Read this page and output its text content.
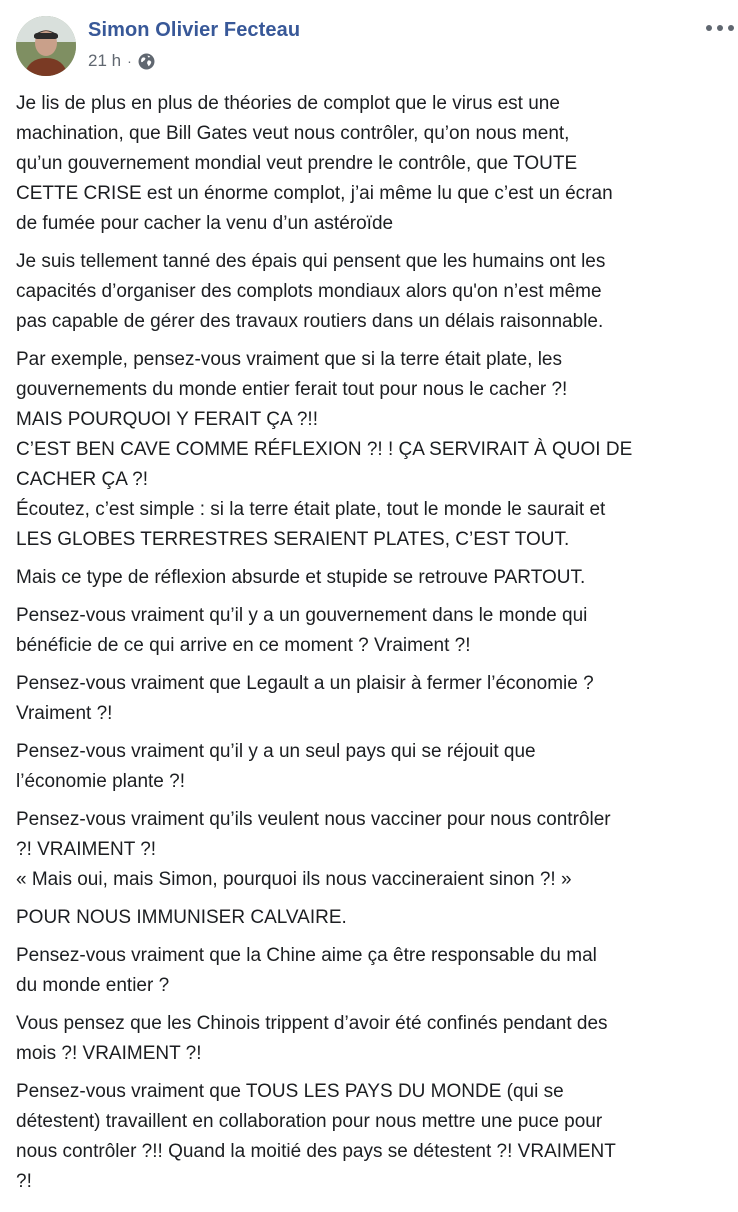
Simon Olivier Fecteau
21 h ·

Je lis de plus en plus de théories de complot que le virus est une
machination, que Bill Gates veut nous contrôler, qu’on nous ment,
qu’un gouvernement mondial veut prendre le contrôle, que TOUTE
CETTE CRISE est un énorme complot, j’ai même lu que c’est un écran
de fumée pour cacher la venu d’un astéroïde

Je suis tellement tanné des épais qui pensent que les humains ont les
capacités d’organiser des complots mondiaux alors qu'on n’est même
pas capable de gérer des travaux routiers dans un délais raisonnable.

Par exemple, pensez-vous vraiment que si la terre était plate, les
gouvernements du monde entier ferait tout pour nous le cacher ?!
MAIS POURQUOI Y FERAIT ÇA ?!!
C’EST BEN CAVE COMME RÉFLEXION ?! ! ÇA SERVIRAIT À QUOI DE
CACHER ÇA ?!
Écoutez, c’est simple : si la terre était plate, tout le monde le saurait et
LES GLOBES TERRESTRES SERAIENT PLATES, C’EST TOUT.

Mais ce type de réflexion absurde et stupide se retrouve PARTOUT.

Pensez-vous vraiment qu’il y a un gouvernement dans le monde qui
bénéficie de ce qui arrive en ce moment ? Vraiment ?!

Pensez-vous vraiment que Legault a un plaisir à fermer l’économie ?
Vraiment ?!

Pensez-vous vraiment qu’il y a un seul pays qui se réjouit que
l’économie plante ?!

Pensez-vous vraiment qu’ils veulent nous vacciner pour nous contrôler
?! VRAIMENT ?!
« Mais oui, mais Simon, pourquoi ils nous vaccineraient sinon ?! »

POUR NOUS IMMUNISER CALVAIRE.

Pensez-vous vraiment que la Chine aime ça être responsable du mal
du monde entier ?

Vous pensez que les Chinois trippent d’avoir été confinés pendant des
mois ?! VRAIMENT ?!

Pensez-vous vraiment que TOUS LES PAYS DU MONDE (qui se
détestent) travaillent en collaboration pour nous mettre une puce pour
nous contrôler ?!! Quand la moitié des pays se détestent ?! VRAIMENT
?!
